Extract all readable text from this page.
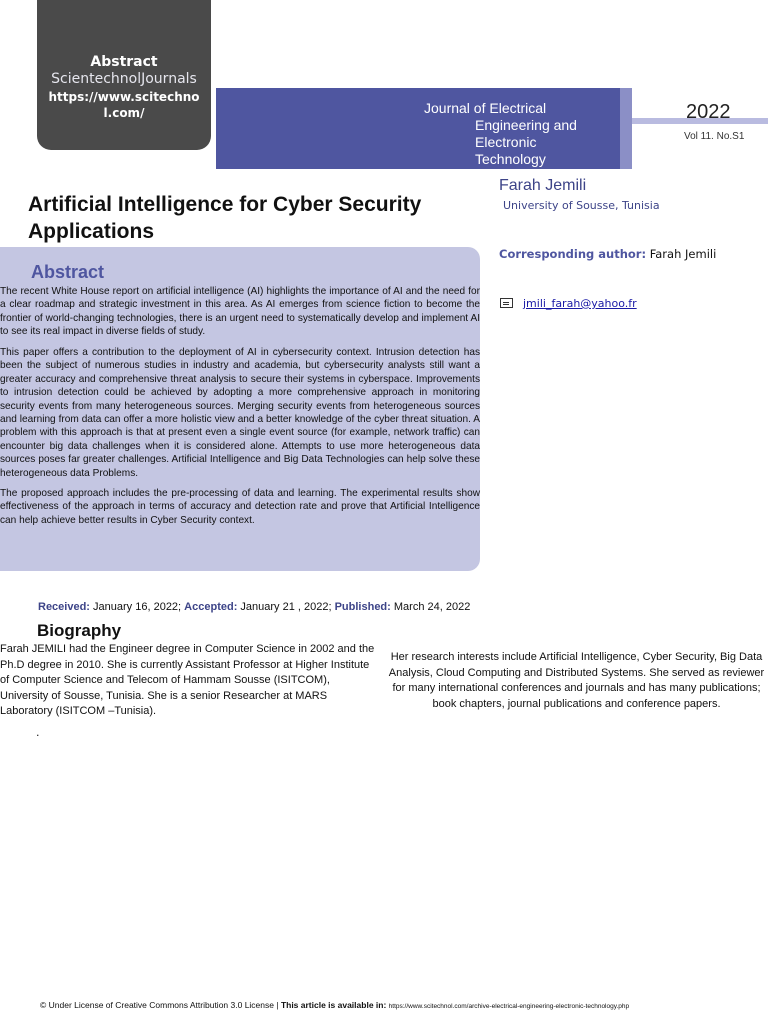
Abstract
ScientechnolJournals
https://www.scitechnol.com/	Journal of Electrical
Engineering and
Electronic
Technology
2022
Vol 11. No.S1
Artificial Intelligence for Cyber Security Applications
Farah Jemili
University of Sousse, Tunisia
Corresponding author: Farah Jemili
jmili_farah@yahoo.fr
Abstract

The recent White House report on artificial intelligence (AI) highlights the importance of AI and the need for a clear roadmap and strategic investment in this area. As AI emerges from science fiction to become the frontier of world-changing technologies, there is an urgent need to systematically develop and implement AI to see its real impact in diverse fields of study.

This paper offers a contribution to the deployment of AI in cybersecurity context. Intrusion detection has been the subject of numerous studies in industry and academia, but cybersecurity analysts still want a greater accuracy and comprehensive threat analysis to secure their systems in cyberspace. Improvements to intrusion detection could be achieved by adopting a more comprehensive approach in monitoring security events from many heterogeneous sources. Merging security events from heterogeneous sources and learning from data can offer a more holistic view and a better knowledge of the cyber threat situation. A problem with this approach is that at present even a single event source (for example, network traffic) can encounter big data challenges when it is considered alone. Attempts to use more heterogeneous data sources poses far greater challenges. Artificial Intelligence and Big Data Technologies can help solve these heterogeneous data Problems.

The proposed approach includes the pre-processing of data and learning. The experimental results show effectiveness of the approach in terms of accuracy and detection rate and prove that Artificial Intelligence can help achieve better results in Cyber Security context.

Received: January 16, 2022; Accepted: January 21 , 2022; Published: March 24, 2022
Biography
Farah JEMILI had the Engineer degree in Computer Science in 2002 and the Ph.D degree in 2010. She is currently Assistant Professor at Higher Institute of Computer Science and Telecom of Hammam Sousse (ISITCOM), University of Sousse, Tunisia. She is a senior Researcher at MARS Laboratory (ISITCOM –Tunisia).
Her research interests include Artificial Intelligence, Cyber Security, Big Data Analysis, Cloud Computing and Distributed Systems. She served as reviewer for many international conferences and journals and has many publications; book chapters, journal publications and conference papers.
.
© Under License of Creative Commons Attribution 3.0 License | This article is available in: https://www.scitechnol.com/archive-electrical-engineering-electronic-technology.php
